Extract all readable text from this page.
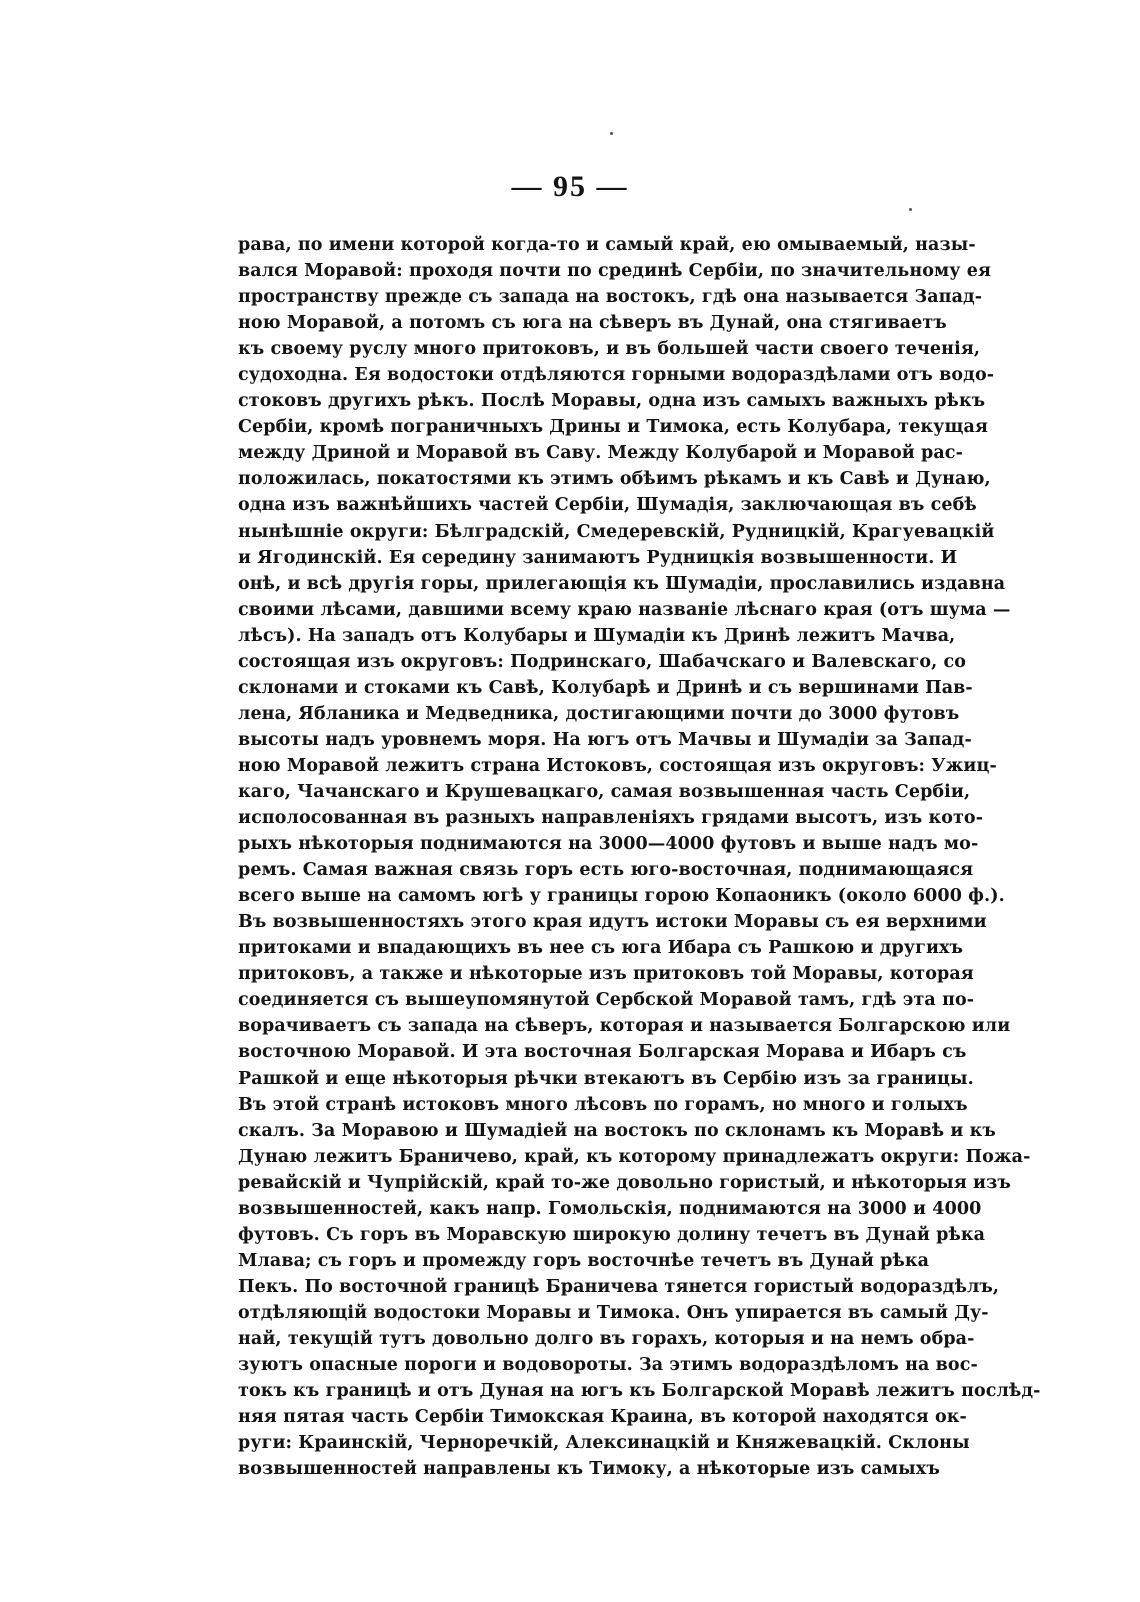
— 95 —
рава, по имени которой когда-то и самый край, ею омываемый, назы-
вался Моравой: проходя почти по срединѣ Сербіи, по значительному ея
пространству прежде съ запада на востокъ, гдѣ она называется Запад-
ною Моравой, а потомъ съ юга на сѣверъ въ Дунай, она стягиваетъ
къ своему руслу много притоковъ, и въ большей части своего теченія,
судоходна. Ея водостоки отдѣляются горными водораздѣлами отъ водо-
стоковъ другихъ рѣкъ. Послѣ Моравы, одна изъ самыхъ важныхъ рѣкъ
Сербіи, кромѣ пограничныхъ Дрины и Тимока, есть Колубара, текущая
между Дриной и Моравой въ Саву. Между Колубарой и Моравой рас-
положилась, покатостями къ этимъ обѣимъ рѣкамъ и къ Савѣ и Дунаю,
одна изъ важнѣйшихъ частей Сербіи, Шумадія, заключающая въ себѣ
нынѣшніе округи: Бѣлградскій, Смедеревскій, Рудницкій, Крагуевацкій
и Ягодинскій. Ея середину занимаютъ Рудницкія возвышенности. И
онѣ, и всѣ другія горы, прилегающія къ Шумадіи, прославились издавна
своими лѣсами, давшими всему краю названіе лѣснаго края (отъ шума —
лѣсъ). На западъ отъ Колубары и Шумадіи къ Дринѣ лежитъ Мачва,
состоящая изъ округовъ: Подринскаго, Шабачскаго и Валевскаго, со
склонами и стоками къ Савѣ, Колубарѣ и Дринѣ и съ вершинами Пав-
лена, Ябланика и Медведника, достигающими почти до 3000 футовъ
высоты надъ уровнемъ моря. На югъ отъ Мачвы и Шумадіи за Запад-
ною Моравой лежитъ страна Истоковъ, состоящая изъ округовъ: Ужиц-
каго, Чачанскаго и Крушевацкаго, самая возвышенная часть Сербіи,
исполосованная въ разныхъ направленіяхъ грядами высотъ, изъ кото-
рыхъ нѣкоторыя поднимаются на 3000—4000 футовъ и выше надъ мо-
ремъ. Самая важная связь горъ есть юго-восточная, поднимающаяся
всего выше на самомъ югѣ у границы горою Копаоникъ (около 6000 ф.).
Въ возвышенностяхъ этого края идутъ истоки Моравы съ ея верхними
притоками и впадающихъ въ нее съ юга Ибара съ Рашкою и другихъ
притоковъ, а также и нѣкоторые изъ притоковъ той Моравы, которая
соединяется съ вышеупомянутой Сербской Моравой тамъ, гдѣ эта по-
ворачиваетъ съ запада на сѣверъ, которая и называется Болгарскою или
восточною Моравой. И эта восточная Болгарская Морава и Ибаръ съ
Рашкой и еще нѣкоторыя рѣчки втекаютъ въ Сербію изъ за границы.
Въ этой странѣ истоковъ много лѣсовъ по горамъ, но много и голыхъ
скалъ. За Моравою и Шумадіей на востокъ по склонамъ къ Моравѣ и къ
Дунаю лежитъ Браничево, край, къ которому принадлежатъ округи: Пожа-
ревайскій и Чупрійскій, край то-же довольно гористый, и нѣкоторыя изъ
возвышенностей, какъ напр. Гомольскія, поднимаются на 3000 и 4000
футовъ. Съ горъ въ Моравскую широкую долину течетъ въ Дунай рѣка
Млава; съ горъ и промежду горъ восточнѣе течетъ въ Дунай рѣка
Пекъ. По восточной границѣ Браничева тянется гористый водораздѣлъ,
отдѣляющій водостоки Моравы и Тимока. Онъ упирается въ самый Ду-
най, текущій тутъ довольно долго въ горахъ, которыя и на немъ обра-
зуютъ опасные пороги и водовороты. За этимъ водораздѣломъ на вос-
токъ къ границѣ и отъ Дуная на югъ къ Болгарской Моравѣ лежитъ послѣд-
няя пятая часть Сербіи Тимокская Краина, въ которой находятся ок-
руги: Краинскій, Черноречкій, Алексинацкій и Княжевацкій. Склоны
возвышенностей направлены къ Тимоку, а нѣкоторые изъ самыхъ
